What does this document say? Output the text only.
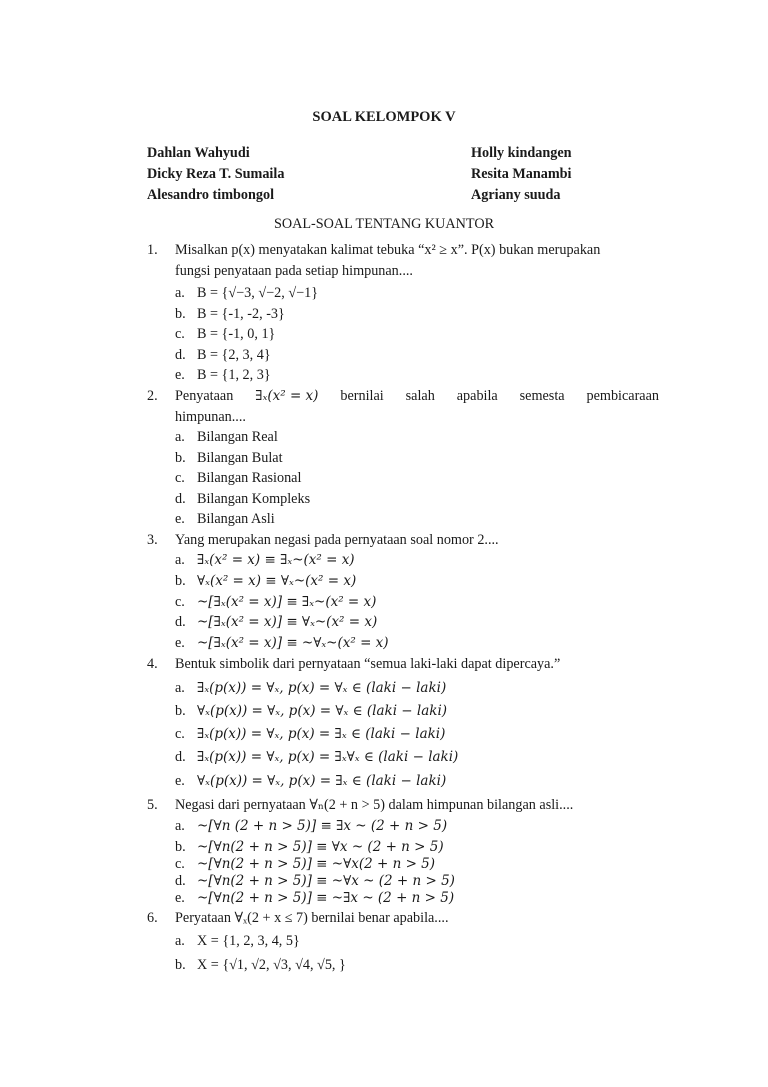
SOAL KELOMPOK V
Dahlan Wahyudi	Holly kindangen
Dicky Reza T. Sumaila	Resita Manambi
Alesandro timbongol	Agriany suuda
SOAL-SOAL TENTANG KUANTOR
1. Misalkan p(x) menyatakan kalimat tebuka “x² ≥ x”. P(x) bukan merupakan
fungsi penyataan pada setiap himpunan....
a. B = {√−3, √−2, √−1}
b. B = {-1, -2, -3}
c. B = {-1, 0, 1}
d. B = {2, 3, 4}
e. B = {1, 2, 3}
2. Penyataan ∃ₓ(x² = x) bernilai salah apabila semesta pembicaraan
himpunan....
a. Bilangan Real
b. Bilangan Bulat
c. Bilangan Rasional
d. Bilangan Kompleks
e. Bilangan Asli
3. Yang merupakan negasi pada pernyataan soal nomor 2....
a. ∃ₓ(x² = x) ≡ ∃ₓ~(x² = x)
b. ∀ₓ(x² = x) ≡ ∀ₓ~(x² = x)
c. ~[∃ₓ(x² = x)] ≡ ∃ₓ~(x² = x)
d. ~[∃ₓ(x² = x)] ≡ ∀ₓ~(x² = x)
e. ~[∃ₓ(x² = x)] ≡ ~∀ₓ~(x² = x)
4. Bentuk simbolik dari pernyataan “semua laki-laki dapat dipercaya.”
a. ∃ₓ(p(x)) = ∀ₓ, p(x) = ∀ₓ ∈ (laki − laki)
b. ∀ₓ(p(x)) = ∀ₓ, p(x) = ∀ₓ ∈ (laki − laki)
c. ∃ₓ(p(x)) = ∀ₓ, p(x) = ∃ₓ ∈ (laki − laki)
d. ∃ₓ(p(x)) = ∀ₓ, p(x) = ∃ₓ∀ₓ ∈ (laki − laki)
e. ∀ₓ(p(x)) = ∀ₓ, p(x) = ∃ₓ ∈ (laki − laki)
5. Negasi dari pernyataan ∀ₙ(2 + n > 5) dalam himpunan bilangan asli....
a. ~[∀n (2 + n > 5)] ≡ ∃x ~ (2 + n > 5)
b. ~[∀n(2 + n > 5)] ≡ ∀x ~ (2 + n > 5)
c. ~[∀n(2 + n > 5)] ≡ ~∀x(2 + n > 5)
d. ~[∀n(2 + n > 5)] ≡ ~∀x ~ (2 + n > 5)
e. ~[∀n(2 + n > 5)] ≡ ~∃x ~ (2 + n > 5)
6. Peryataan ∀ₓ(2 + x ≤ 7) bernilai benar apabila....
a. X = {1, 2, 3, 4, 5}
b. X = {√1, √2, √3, √4, √5, }
